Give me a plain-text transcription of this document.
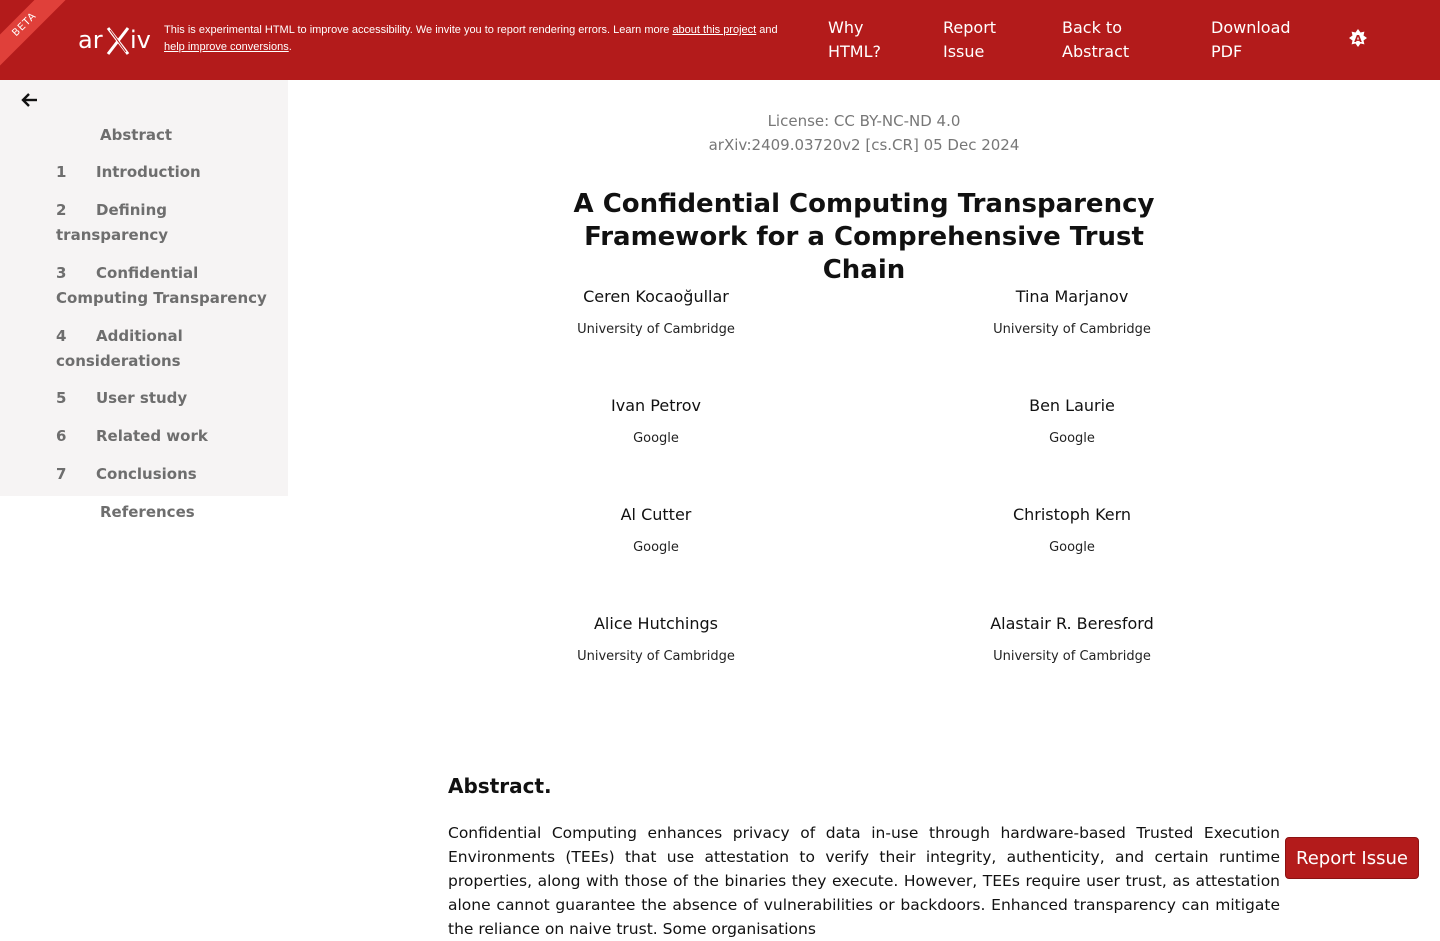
BETA
ar iv This is experimental HTML to improve accessibility. We invite you to report rendering errors. Learn more about this project and
help improve conversions.
Why
HTML?
Report
Issue
Back to
Abstract
Download
PDF
A
Abstract
1 Introduction
2 Defining
transparency
3 Confidential
Computing Transparency
4 Additional
considerations
5 User study
6 Related work
7 Conclusions
References
License: CC BY-NC-ND 4.0
arXiv:2409.03720v2 [cs.CR] 05 Dec 2024
A Confidential Computing Transparency Framework for a Comprehensive Trust Chain
Ceren Kocaoğullar
University of Cambridge
Tina Marjanov
University of Cambridge
Ivan Petrov
Google
Ben Laurie
Google
Al Cutter
Google
Christoph Kern
Google
Alice Hutchings
University of Cambridge
Alastair R. Beresford
University of Cambridge
Abstract.

Confidential Computing enhances privacy of data in-use through hardware-based Trusted Execution Environments (TEEs) that use attestation to verify their integrity, authenticity, and certain runtime properties, along with those of the binaries they execute. However, TEEs require user trust, as attestation alone cannot guarantee the absence of vulnerabilities or backdoors. Enhanced transparency can mitigate the reliance on naive trust. Some organisations

Report Issue
